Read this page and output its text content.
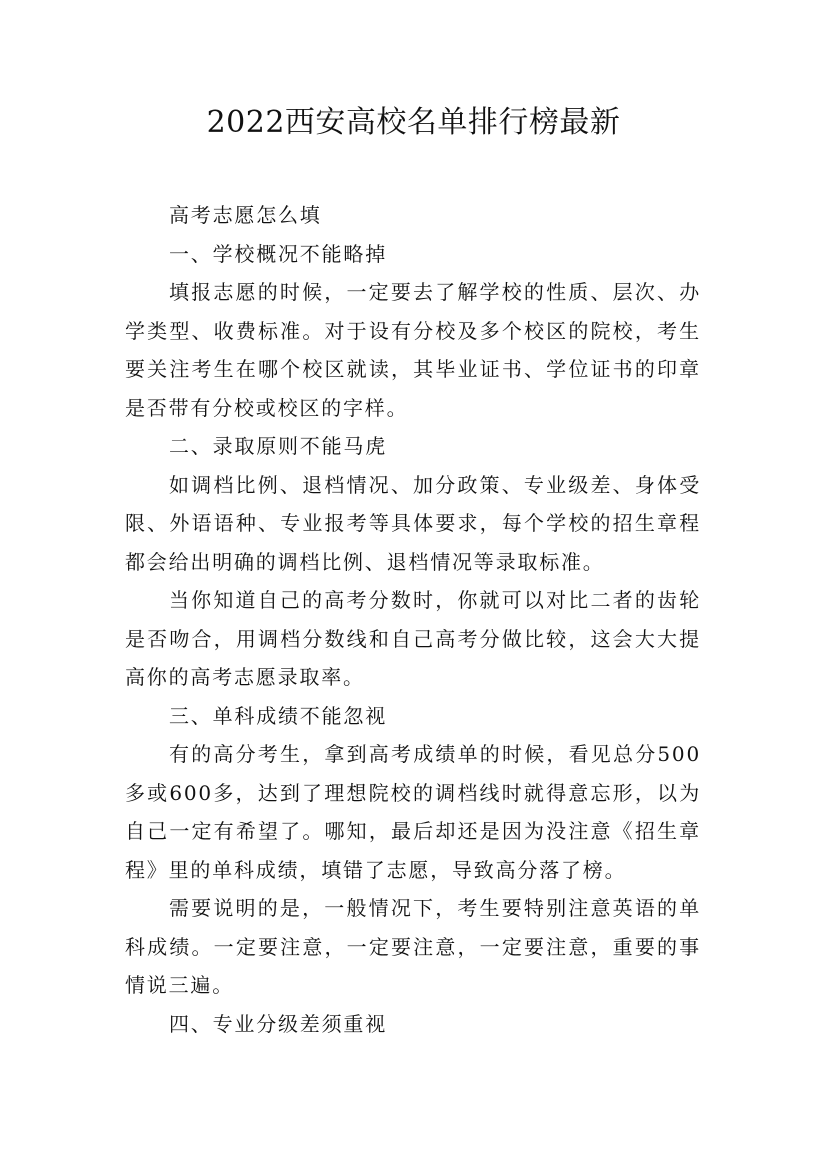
2022西安高校名单排行榜最新

高考志愿怎么填

一、学校概况不能略掉

填报志愿的时候，一定要去了解学校的性质、层次、办学类型、收费标准。对于设有分校及多个校区的院校，考生要关注考生在哪个校区就读，其毕业证书、学位证书的印章是否带有分校或校区的字样。

二、录取原则不能马虎

如调档比例、退档情况、加分政策、专业级差、身体受限、外语语种、专业报考等具体要求，每个学校的招生章程都会给出明确的调档比例、退档情况等录取标准。

当你知道自己的高考分数时，你就可以对比二者的齿轮是否吻合，用调档分数线和自己高考分做比较，这会大大提高你的高考志愿录取率。

三、单科成绩不能忽视

有的高分考生，拿到高考成绩单的时候，看见总分500多或600多，达到了理想院校的调档线时就得意忘形，以为自己一定有希望了。哪知，最后却还是因为没注意《招生章程》里的单科成绩，填错了志愿，导致高分落了榜。

需要说明的是，一般情况下，考生要特别注意英语的单科成绩。一定要注意，一定要注意，一定要注意，重要的事情说三遍。

四、专业分级差须重视
